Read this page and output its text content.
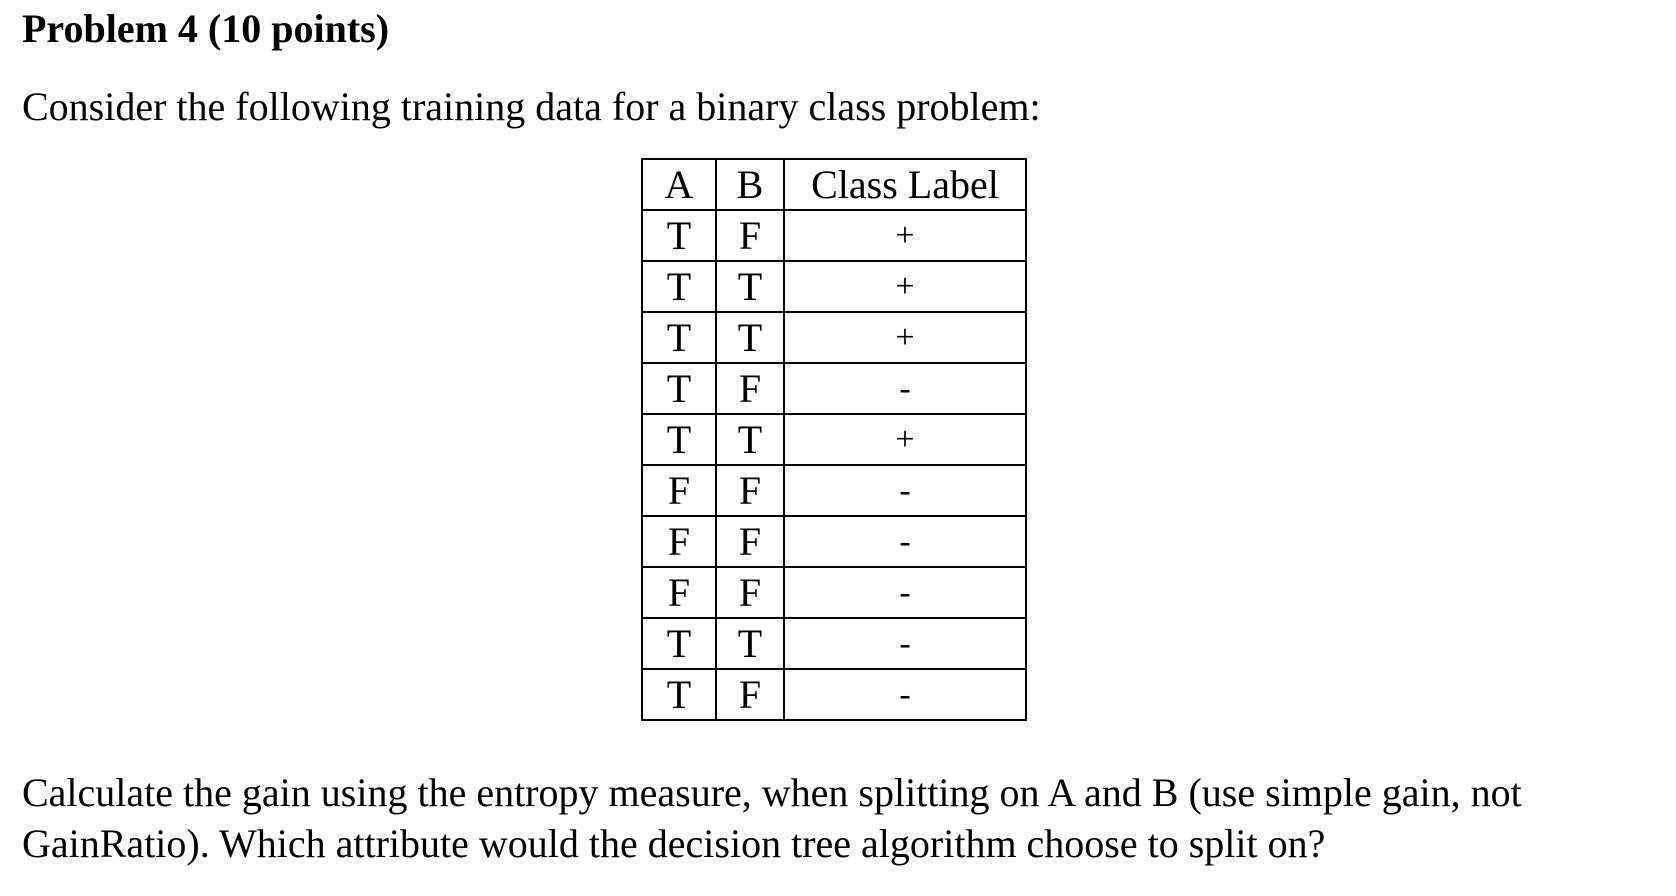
Problem 4 (10 points)

Consider the following training data for a binary class problem:

A	B	Class Label
T	F	+
T	T	+
T	T	+
T	F	-
T	T	+
F	F	-
F	F	-
F	F	-
T	T	-
T	F	-

Calculate the gain using the entropy measure, when splitting on A and B (use simple gain, not GainRatio). Which attribute would the decision tree algorithm choose to split on?
